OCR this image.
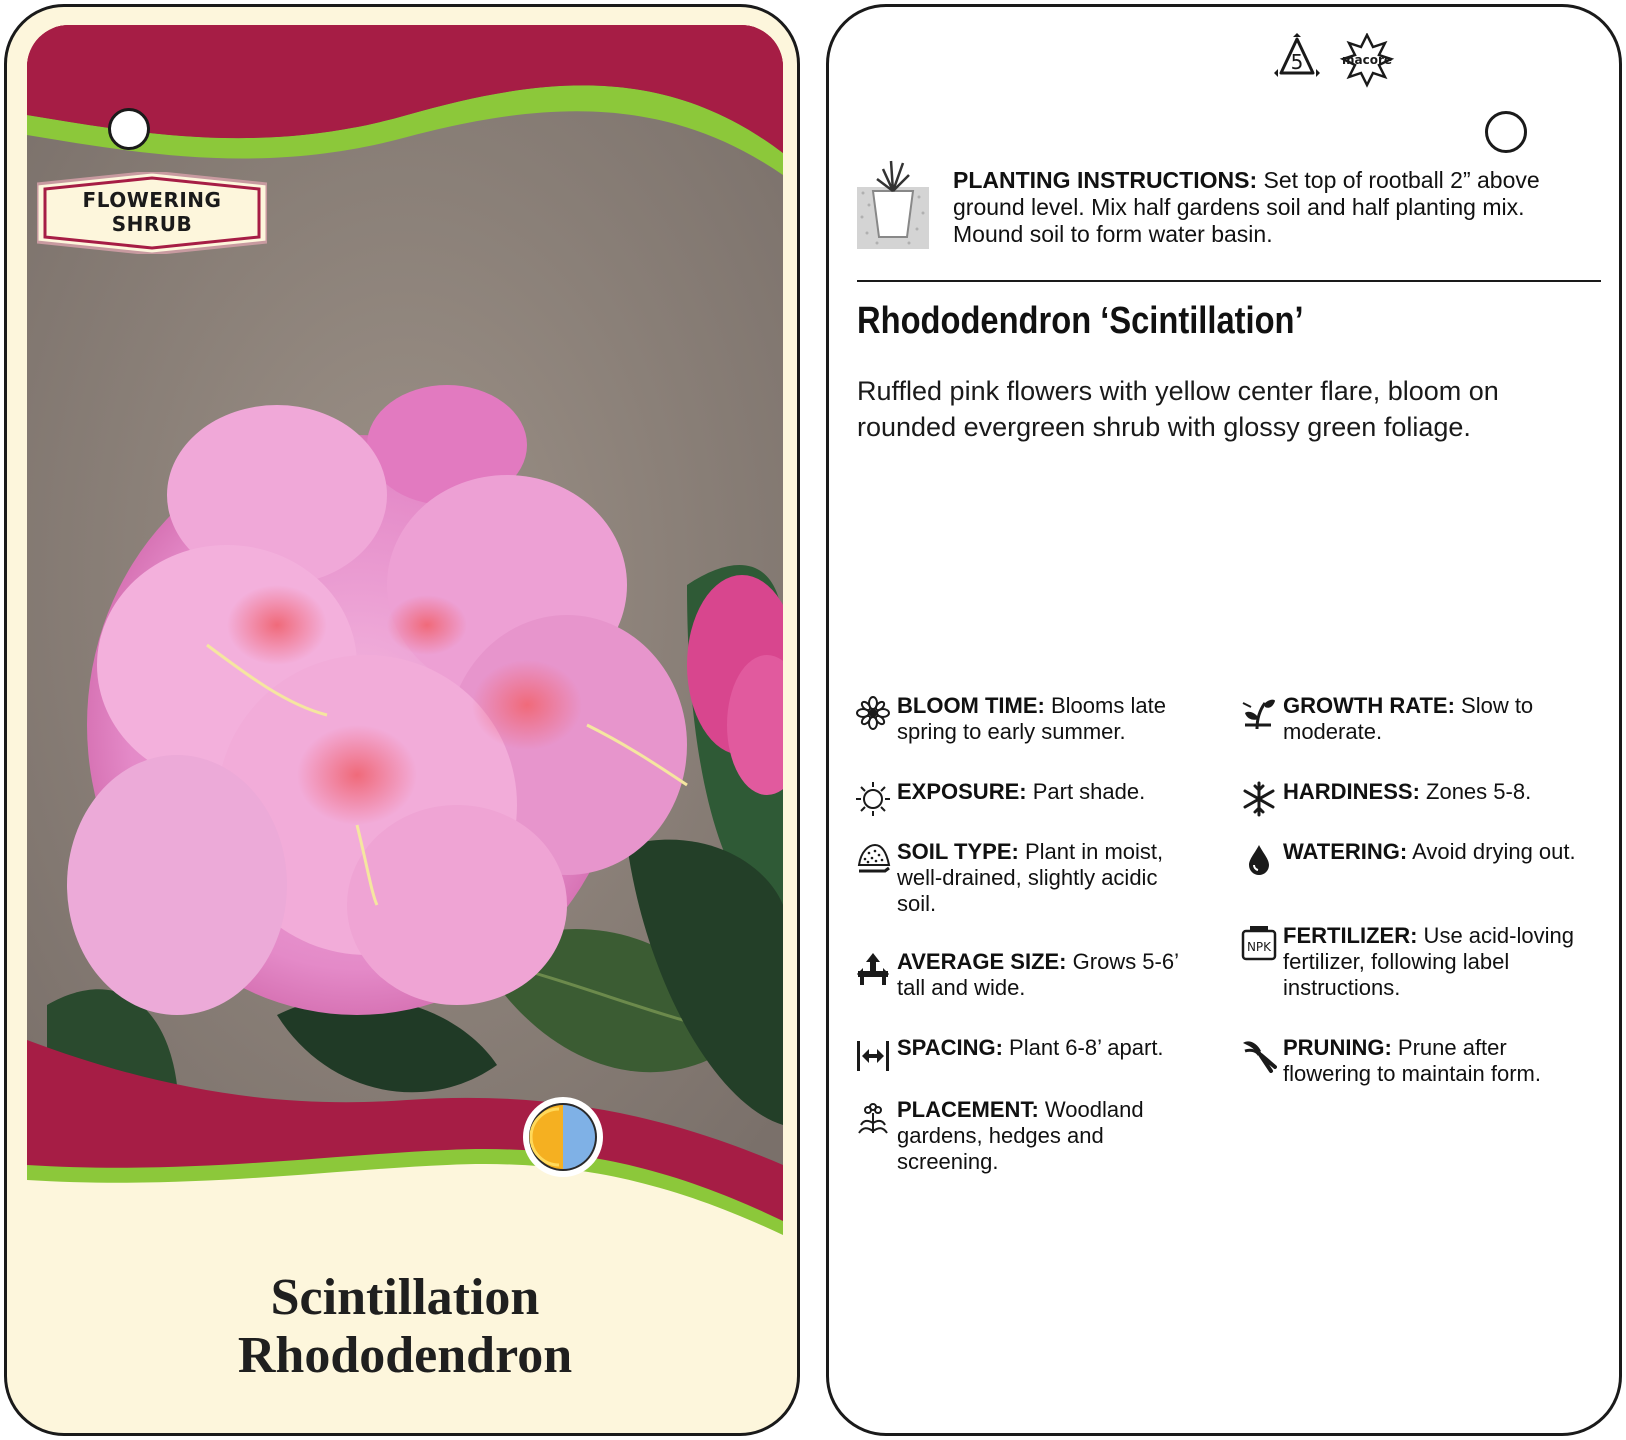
FLOWERING
SHRUB
Scintillation
Rhododendron
5	macore
PLANTING INSTRUCTIONS: Set top of rootball 2” above ground level. Mix half gardens soil and half planting mix. Mound soil to form water basin.
Rhododendron ‘Scintillation’
Ruffled pink flowers with yellow center flare, bloom on rounded evergreen shrub with glossy green foliage.
BLOOM TIME: Blooms late spring to early summer.
EXPOSURE: Part shade.
SOIL TYPE: Plant in moist, well-drained, slightly acidic soil.
AVERAGE SIZE: Grows 5-6’ tall and wide.
SPACING: Plant 6-8’ apart.
PLACEMENT: Woodland gardens, hedges and screening.
GROWTH RATE: Slow to moderate.
HARDINESS: Zones 5-8.
WATERING: Avoid drying out.
NPK FERTILIZER: Use acid-loving fertilizer, following label instructions.
PRUNING: Prune after flowering to maintain form.
